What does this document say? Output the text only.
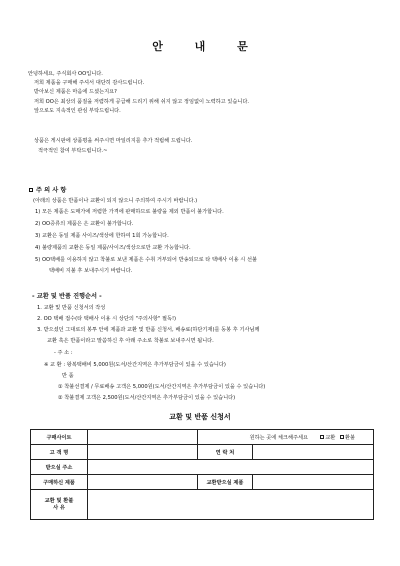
안 내 문
안녕하세요, 주식회사 OO입니다.
저희 제품을 구매해 주셔서 대단히 감사드립니다.
받아보신 제품은 마음에 드셨는지요?
저희 OO은 최상의 품질을 저렴하게 공급해 드리기 위해 쉬지 않고 정임없이 노력하고 있습니다.
앞으로도 지속적인 관심 부탁드립니다.
상품은 게시판에 상품평을 써주시면 마일리지를 추가 적립해 드립니다.
적극적인 참여 부탁드립니다.~
주 의 사 항
(아래의 상품은 반품이나 교환이 되지 않으니 주의하여 주시기 바랍니다.)
1) 모든 제품은 도매가에 저렴한 가격에 판매하므로 불량을 제외 반품이 불가합니다.
2) OO증류의 제품은 은 교환이 불가합니다.
3) 교환은 동일 제품 사이즈/색상에 한하여 1회 가능합니다.
4) 불량제품의 교환은 동일 제품/사이즈/색상으로만 교환 가능합니다.
5) OO택배를 이용하지 않고 착불로 보낸 제품은 수취 거부되어 반송되므로 타 택배사 이용 시 선불
택배비 지불 후 보내주시기 바랍니다.
- 교환 및 반품 진행순서 -
1. 교환 및 반품 신청서의 작성
2. OO 택배 접수(타 택배사 이용 시 상단의 "주의사항" 필독!)
3. 받으셨던 그대로의 봉투 안에 제품과 교환 및 반품 신청서, 배송료(하단기재)를 동봉 후 기사님께
교환 혹은 반품이라고 말씀하신 후 아래 주소로 착불로 보내주시면 됩니다.
- 주 소 :
※ 교 환 : 왕복택배비 5,000원(도서/산간지역은 추가부담금이 있을 수 있습니다)
반 품
① 착불선결제 / 무료배송 고객은 5,000원(도서/산간지역은 추가부담금이 있을 수 있습니다)
② 착불결제 고객은 2,500원(도서/산간지역은 추가부담금이 있을 수 있습니다)
교환 및 반품 신청서
구매사이트		원하는 곳에 체크해주세요 교환 환불	
고 객 명		연 락 처	
받으실 주소			
구매하신 제품		교환받으실 제품	

교환 및 환불
사 유			
